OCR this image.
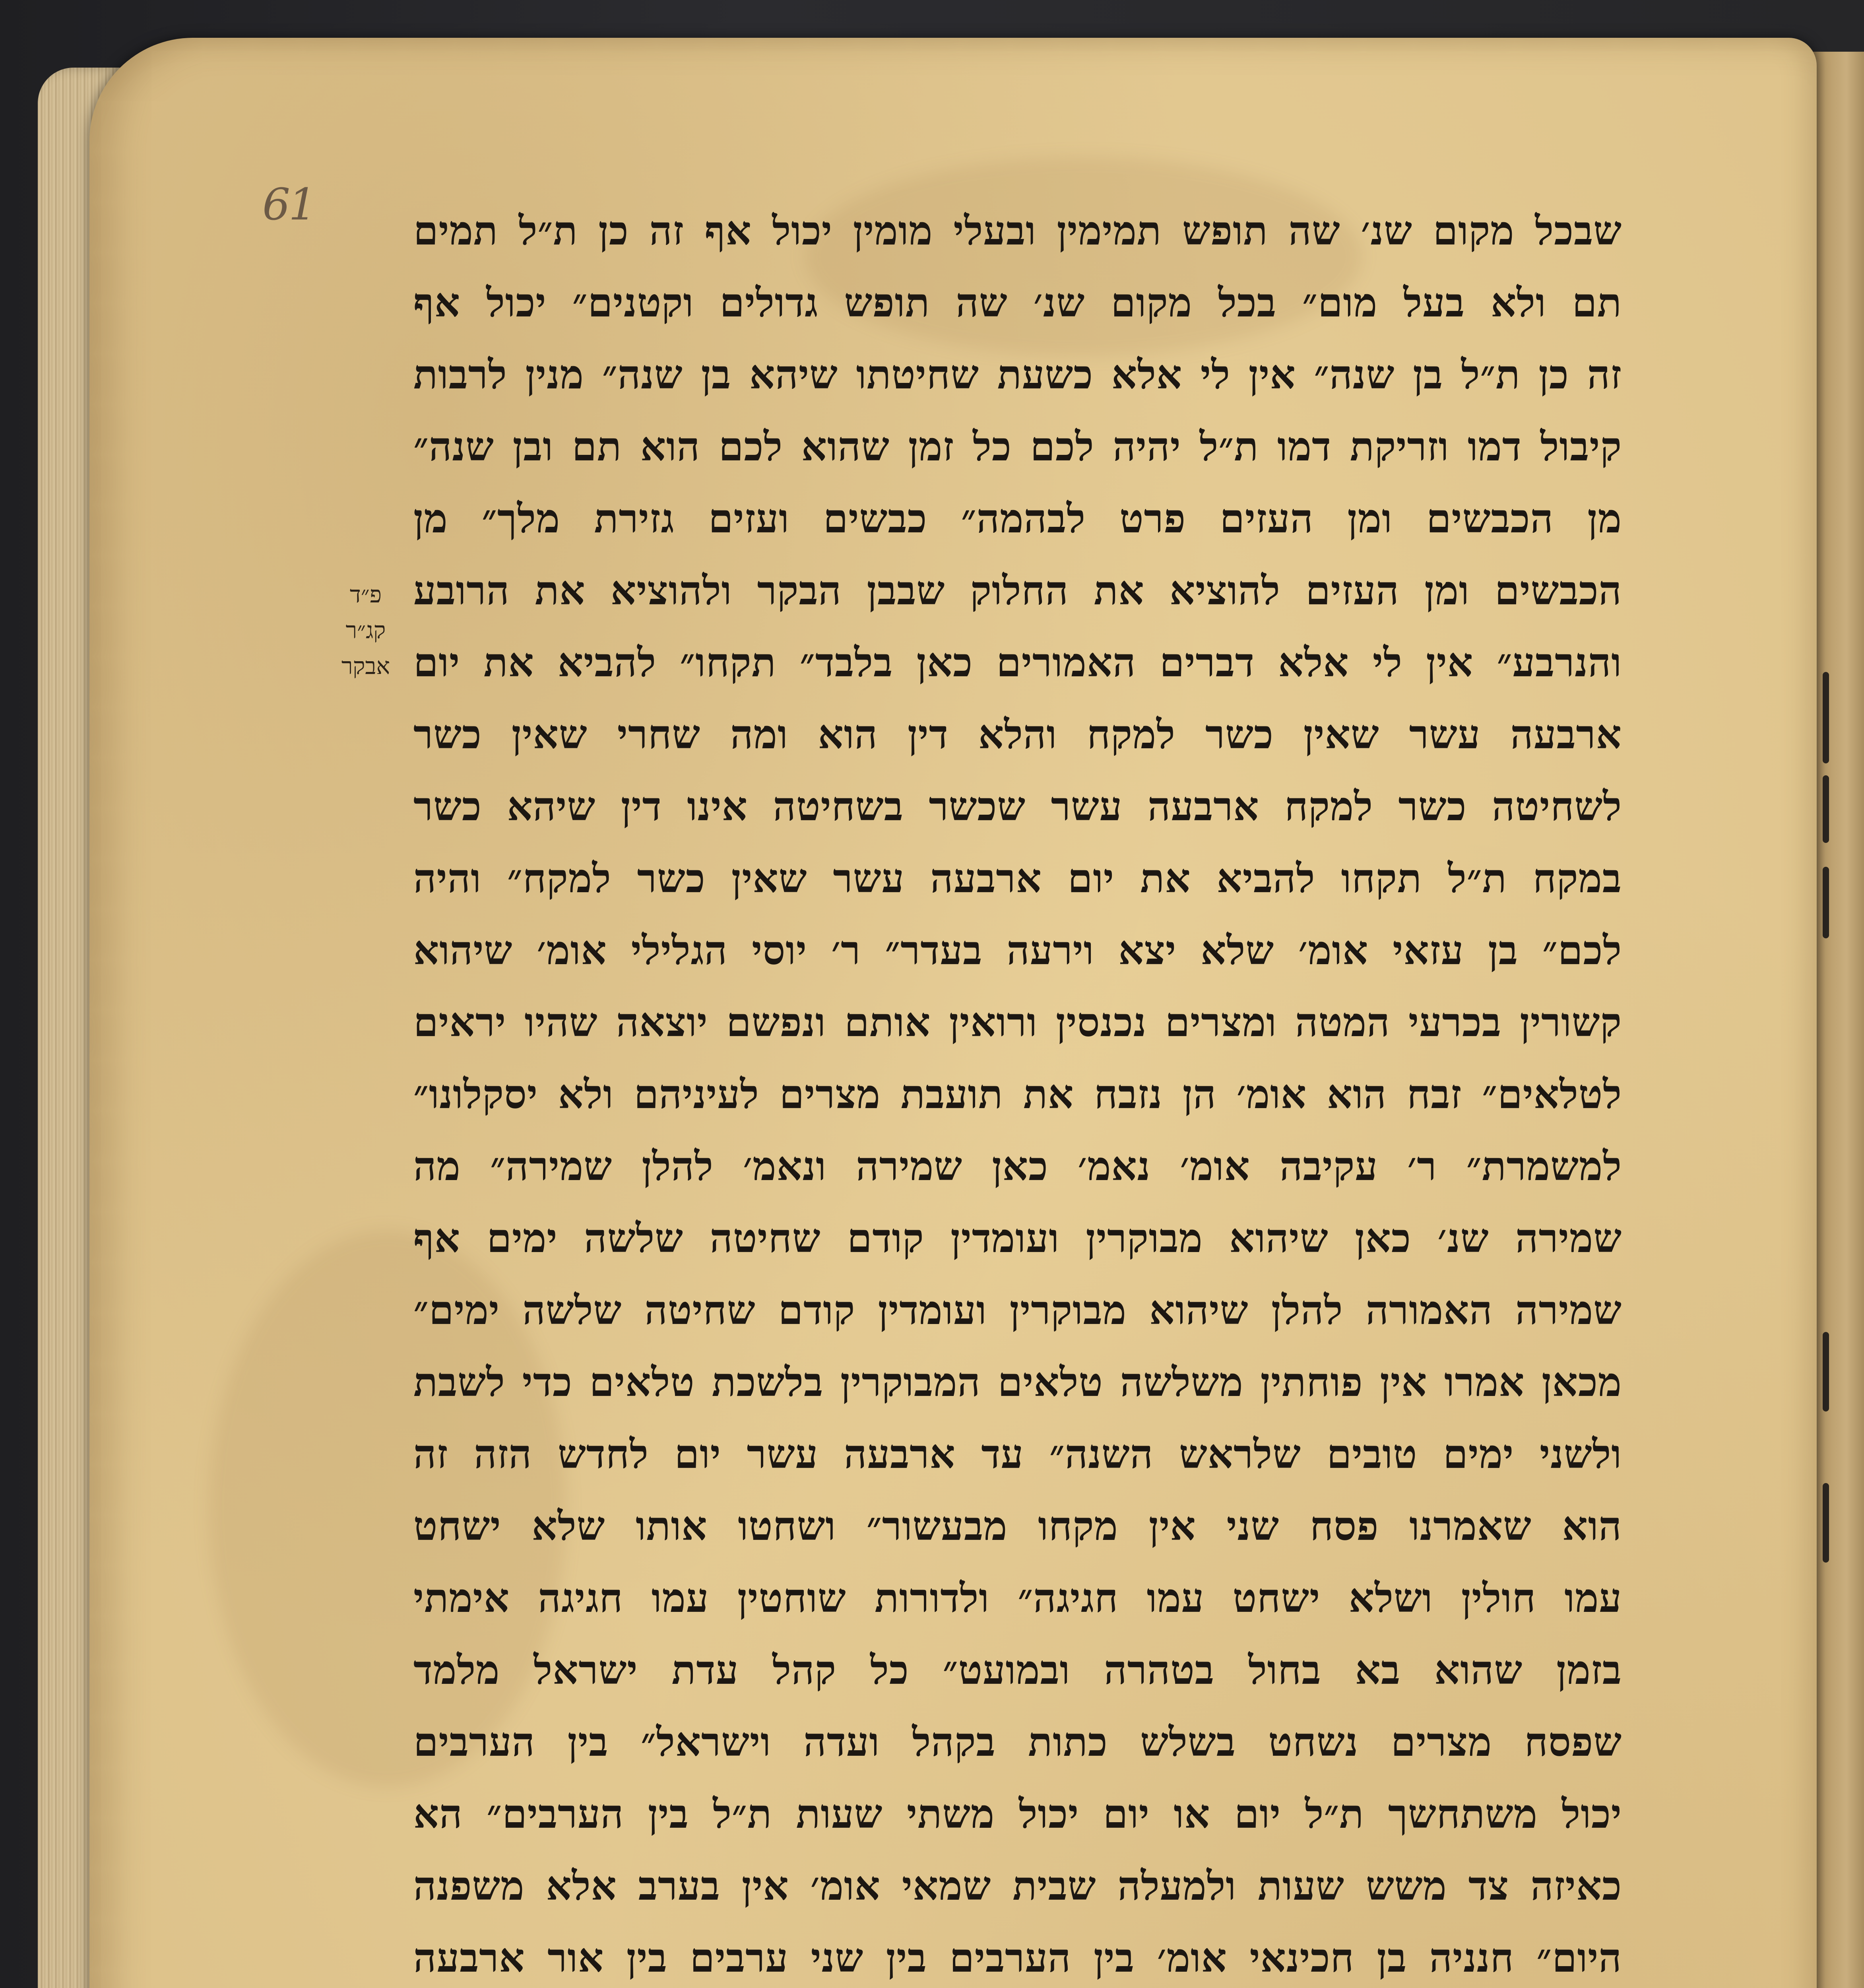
61
פ״ד
קג״ר
אבקר
שבכל מקום שנ׳ שה תופש תמימין ובעלי מומין יכול אף זה כן ת״ל תמים
תם ולא בעל מום״ בכל מקום שנ׳ שה תופש גדולים וקטנים״ יכול אף
זה כן ת״ל בן שנה״ אין לי אלא כשעת שחיטתו שיהא בן שנה״ מנין לרבות
קיבול דמו וזריקת דמו ת״ל יהיה לכם כל זמן שהוא לכם הוא תם ובן שנה״
מן הכבשים ומן העזים פרט לבהמה״ כבשים ועזים גזירת מלך״ מן
הכבשים ומן העזים להוציא את החלוק שבבן הבקר ולהוציא את הרובע
והנרבע״ אין לי אלא דברים האמורים כאן בלבד״ תקחו״ להביא את יום
ארבעה עשר שאין כשר למקח והלא דין הוא ומה שחרי שאין כשר
לשחיטה כשר למקח ארבעה עשר שכשר בשחיטה אינו דין שיהא כשר
במקח ת״ל תקחו להביא את יום ארבעה עשר שאין כשר למקח״ והיה
לכם״ בן עזאי אומ׳ שלא יצא וירעה בעדר״ ר׳ יוסי הגלילי אומ׳ שיהוא
קשורין בכרעי המטה ומצרים נכנסין ורואין אותם ונפשם יוצאה שהיו יראים
לטלאים״ זבח הוא אומ׳ הן נזבח את תועבת מצרים לעיניהם ולא יסקלונו״
למשמרת״ ר׳ עקיבה אומ׳ נאמ׳ כאן שמירה ונאמ׳ להלן שמירה״ מה
שמירה שנ׳ כאן שיהוא מבוקרין ועומדין קודם שחיטה שלשה ימים אף
שמירה האמורה להלן שיהוא מבוקרין ועומדין קודם שחיטה שלשה ימים״
מכאן אמרו אין פוחתין משלשה טלאים המבוקרין בלשכת טלאים כדי לשבת
ולשני ימים טובים שלראש השנה״ עד ארבעה עשר יום לחדש הזה זה
הוא שאמרנו פסח שני אין מקחו מבעשור״ ושחטו אותו שלא ישחט
עמו חולין ושלא ישחט עמו חגיגה״ ולדורות שוחטין עמו חגיגה אימתי
בזמן שהוא בא בחול בטהרה ובמועט״ כל קהל עדת ישראל מלמד
שפסח מצרים נשחט בשלש כתות בקהל ועדה וישראל״ בין הערבים
יכול משתחשך ת״ל יום או יום יכול משתי שעות ת״ל בין הערבים״ הא
כאיזה צד משש שעות ולמעלה שבית שמאי אומ׳ אין בערב אלא משפנה
היום״ חנניה בן חכינאי אומ׳ בין הערבים בין שני ערבים בין אור ארבעה
